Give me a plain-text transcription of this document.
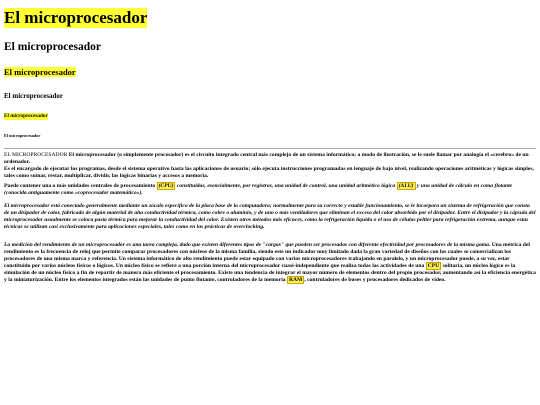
El microprocesador
El microprocesador
El microprocesador
El microprocesador
El microprocesador
El microprocesador

EL MICROPROCESADOR El microprocesador (o simplemente procesador) es el circuito integrado central más complejo de un sistema informático; a modo de ilustración, se le suele llamar por analogía el «cerebro» de un ordenador.
Es el encargado de ejecutar los programas, desde el sistema operativo hasta las aplicaciones de usuario; sólo ejecuta instrucciones programadas en lenguaje de bajo nivel, realizando operaciones aritméticas y lógicas simples, tales como sumar, restar, multiplicar, dividir, las lógicas binarias y accesos a memoria.

Puede contener una o más unidades centrales de procesamiento (CPU) constituidas, esencialmente, por registros, una unidad de control, una unidad aritmético lógica (ALU) y una unidad de cálculo en coma flotante (conocida antiguamente como «coprocesador matemático»).

El microprocesador está conectado generalmente mediante un zócalo específico de la placa base de la computadora; normalmente para su correcto y estable funcionamiento, se le incorpora un sistema de refrigeración que consta de un disipador de calor, fabricado de algún material de alta conductividad térmica, como cobre o aluminio, y de uno o más ventiladores que eliminan el exceso del calor absorbido por el disipador. Entre el disipador y la cápsula del microprocesador usualmente se coloca pasta térmica para mejorar la conductividad del calor. Existen otros métodos más eficaces, como la refrigeración líquida o el uso de células peltier para refrigeración extrema, aunque estas técnicas se utilizan casi exclusivamente para aplicaciones especiales, tales como en las prácticas de overclocking.

La medición del rendimiento de un microprocesador es una tarea compleja, dado que existen diferentes tipos de "cargas" que pueden ser procesadas con diferente efectividad por procesadores de la misma gama. Una métrica del rendimiento es la frecuencia de reloj que permite comparar procesadores con núcleos de la misma familia, siendo este un indicador muy limitado dada la gran variedad de diseños con los cuales se comercializan los procesadores de una misma marca y referencia. Un sistema informático de alto rendimiento puede estar equipado con varios microprocesadores trabajando en paralelo, y un microprocesador puede, a su vez, estar constituido por varios núcleos físicos o lógicos. Un núcleo físico se refiere a una porción interna del microprocesador cuasi-independiente que realiza todas las actividades de una CPU solitaria, un núcleo lógico es la simulación de un núcleo físico a fin de repartir de manera más eficiente el procesamiento. Existe una tendencia de integrar el mayor número de elementos dentro del propio procesador, aumentando así la eficiencia energética y la miniaturización. Entre los elementos integrados están las unidades de punto flotante, controladores de la memoria RAM , controladores de buses y procesadores dedicados de vídeo.
